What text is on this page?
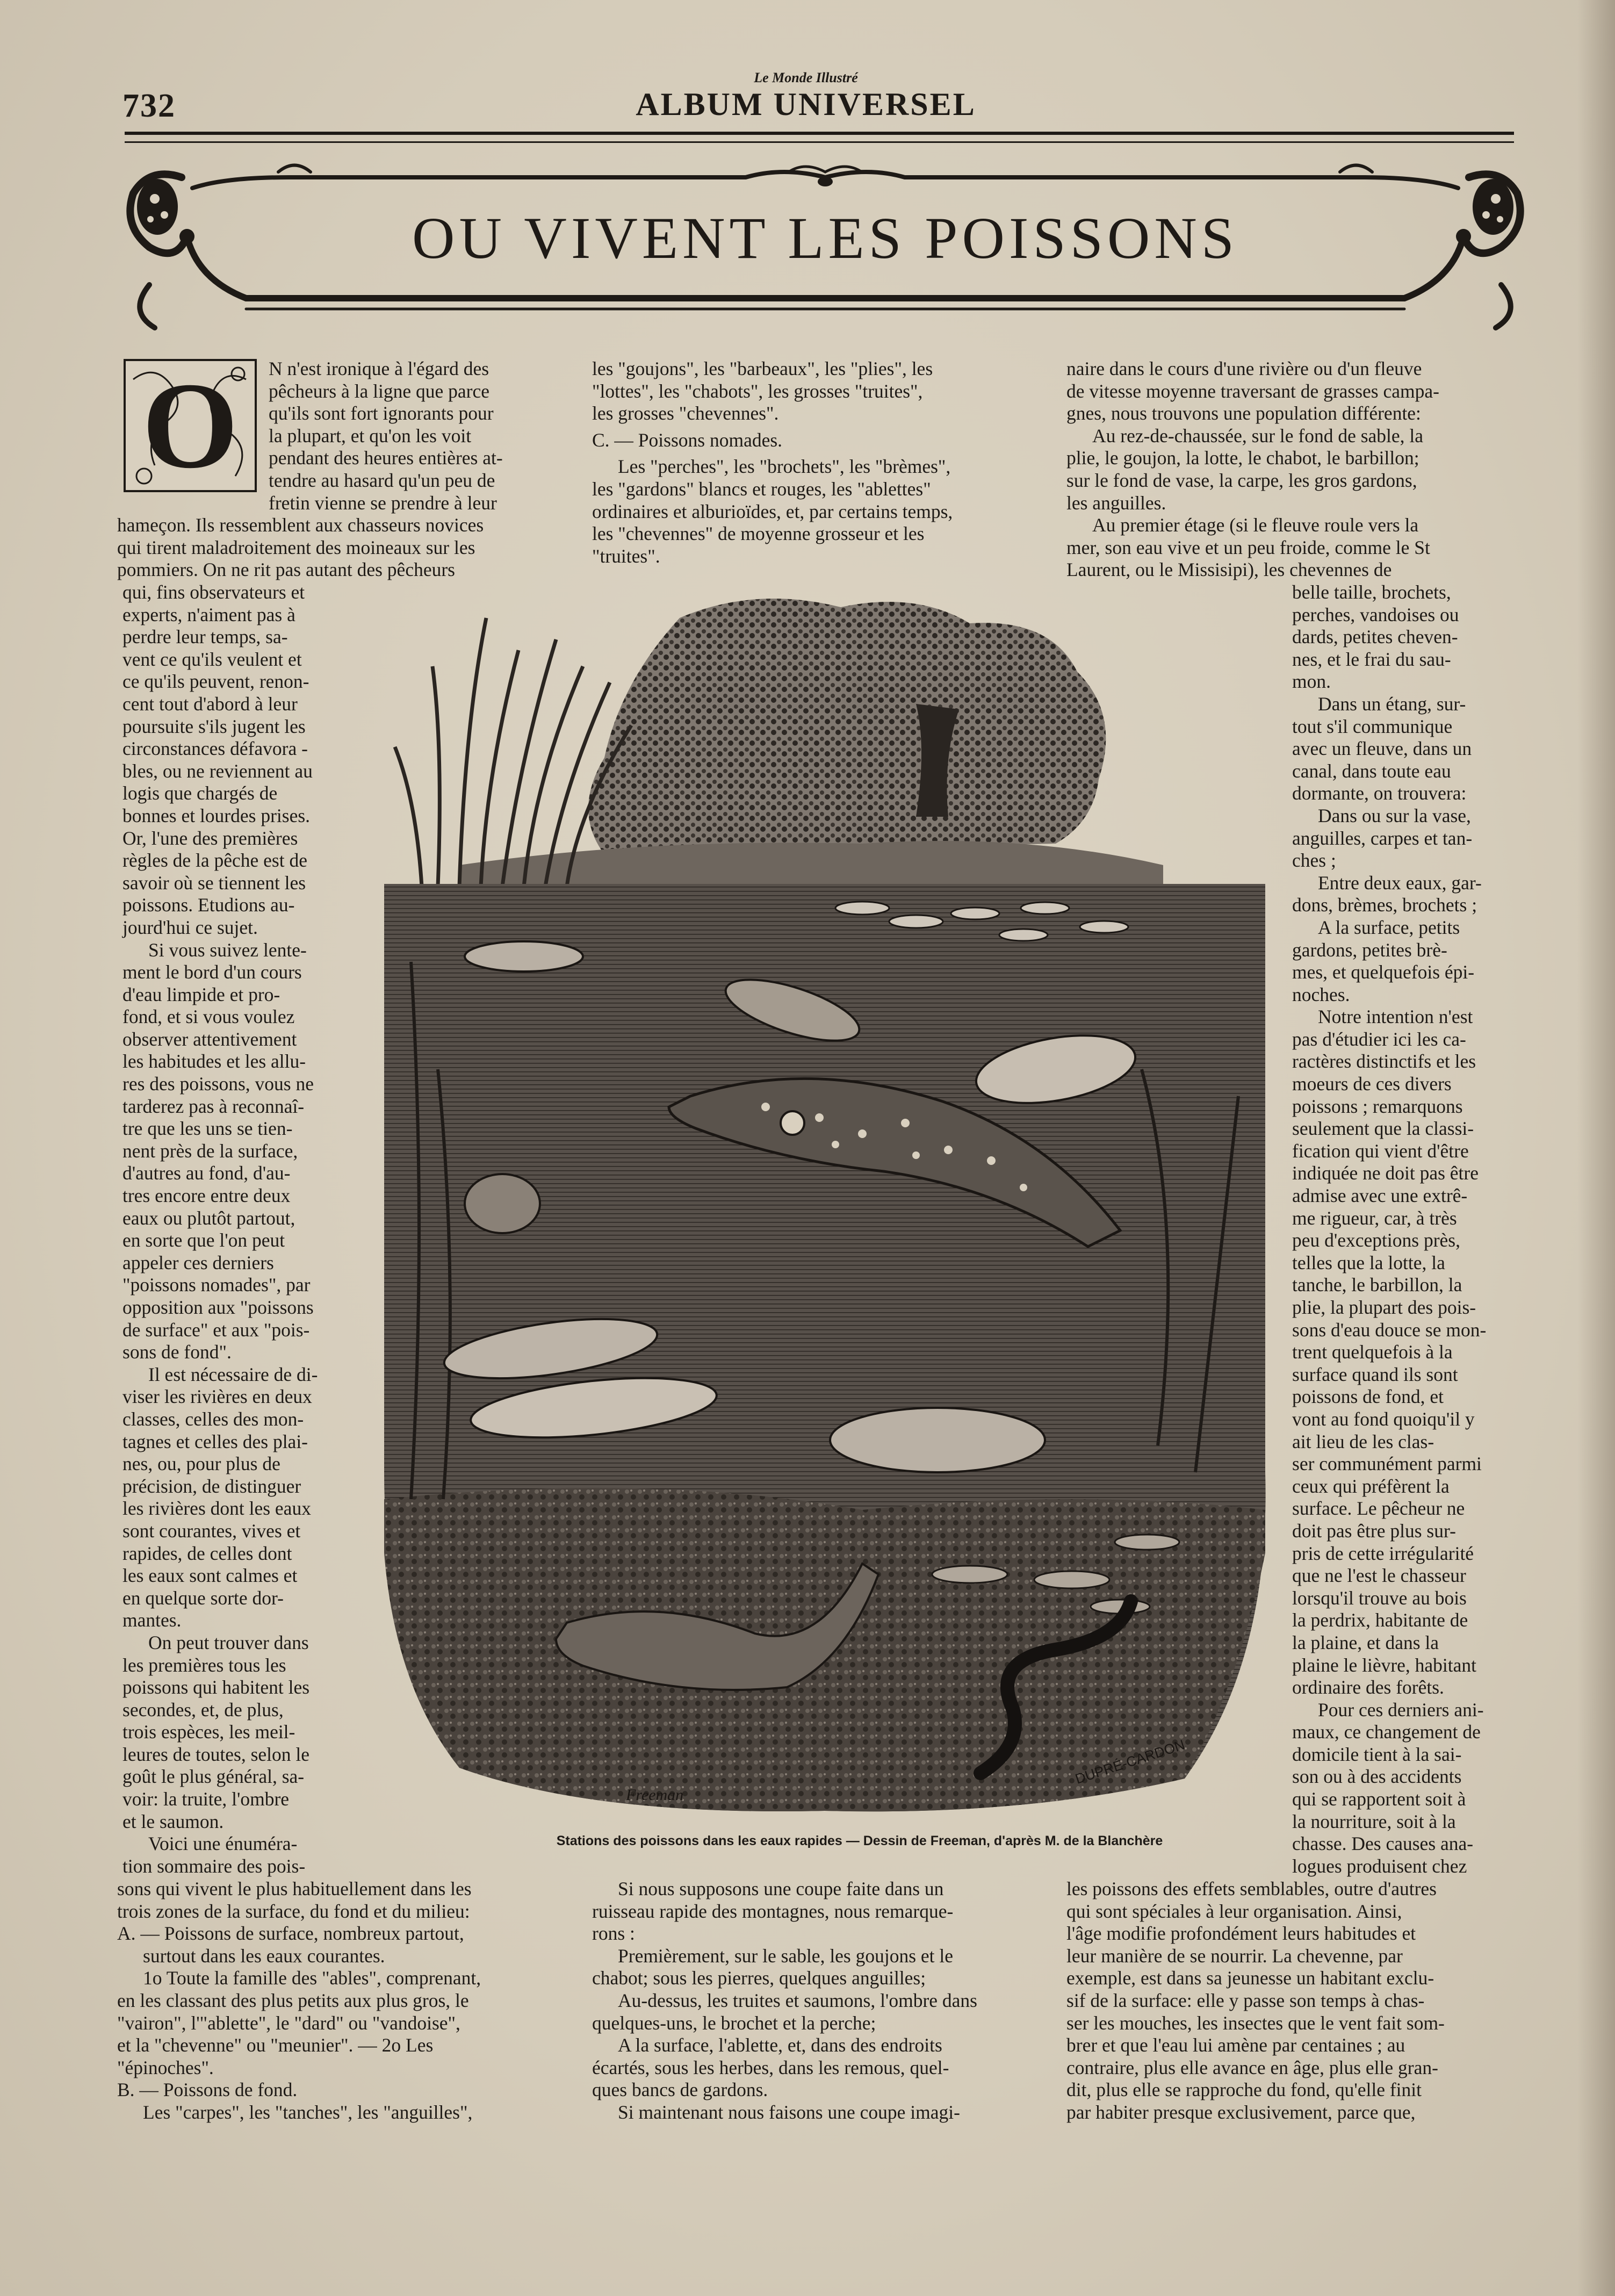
732
Le Monde Illustré
ALBUM UNIVERSEL
OU VIVENT LES POISSONS
O	N n'est ironique à l'égard des

pêcheurs à la ligne que parce

qu'ils sont fort ignorants pour

la plupart, et qu'on les voit

pendant des heures entières at-

tendre au hasard qu'un peu de

fretin vienne se prendre à leur

hameçon. Ils ressemblent aux chasseurs novices

qui tirent maladroitement des moineaux sur les

pommiers. On ne rit pas autant des pêcheurs

qui, fins observateurs et

experts, n'aiment pas à

perdre leur temps, sa-

vent ce qu'ils veulent et

ce qu'ils peuvent, renon-

cent tout d'abord à leur

poursuite s'ils jugent les

circonstances défavora -

bles, ou ne reviennent au

logis que chargés de

bonnes et lourdes prises.

Or, l'une des premières

règles de la pêche est de

savoir où se tiennent les

poissons. Etudions au-

jourd'hui ce sujet.

Si vous suivez lente-

ment le bord d'un cours

d'eau limpide et pro-

fond, et si vous voulez

observer attentivement

les habitudes et les allu-

res des poissons, vous ne

tarderez pas à reconnaî-

tre que les uns se tien-

nent près de la surface,

d'autres au fond, d'au-

tres encore entre deux

eaux ou plutôt partout,

en sorte que l'on peut

appeler ces derniers

"poissons nomades", par

opposition aux "poissons

de surface" et aux "pois-

sons de fond".

Il est nécessaire de di-

viser les rivières en deux

classes, celles des mon-

tagnes et celles des plai-

nes, ou, pour plus de

précision, de distinguer

les rivières dont les eaux

sont courantes, vives et

rapides, de celles dont

les eaux sont calmes et

en quelque sorte dor-

mantes.

On peut trouver dans

les premières tous les

poissons qui habitent les

secondes, et, de plus,

trois espèces, les meil-

leures de toutes, selon le

goût le plus général, sa-

voir: la truite, l'ombre

et le saumon.

Voici une énuméra-

tion sommaire des pois-

sons qui vivent le plus habituellement dans les

trois zones de la surface, du fond et du milieu:

A. — Poissons de surface, nombreux partout,

surtout dans les eaux courantes.

1o Toute la famille des "ables", comprenant,

en les classant des plus petits aux plus gros, le

"vairon", l'"ablette", le "dard" ou "vandoise",

et la "chevenne" ou "meunier". — 2o Les

"épinoches".

B. — Poissons de fond.

Les "carpes", les "tanches", les "anguilles",

les "goujons", les "barbeaux", les "plies", les

"lottes", les "chabots", les grosses "truites",

les grosses "chevennes".

C. — Poissons nomades.

Les "perches", les "brochets", les "brèmes",

les "gardons" blancs et rouges, les "ablettes"

ordinaires et alburioïdes, et, par certains temps,

les "chevennes" de moyenne grosseur et les

"truites".

naire dans le cours d'une rivière ou d'un fleuve

de vitesse moyenne traversant de grasses campa-

gnes, nous trouvons une population différente:

Au rez-de-chaussée, sur le fond de sable, la

plie, le goujon, la lotte, le chabot, le barbillon;

sur le fond de vase, la carpe, les gros gardons,

les anguilles.

Au premier étage (si le fleuve roule vers la

mer, son eau vive et un peu froide, comme le St

Laurent, ou le Missisipi), les chevennes de

belle taille, brochets,

perches, vandoises ou

dards, petites cheven-

nes, et le frai du sau-

mon.

Dans un étang, sur-

tout s'il communique

avec un fleuve, dans un

canal, dans toute eau

dormante, on trouvera:

Dans ou sur la vase,

anguilles, carpes et tan-

ches ;

Entre deux eaux, gar-

dons, brèmes, brochets ;

A la surface, petits

gardons, petites brè-

mes, et quelquefois épi-

noches.

Notre intention n'est

pas d'étudier ici les ca-

ractères distinctifs et les

moeurs de ces divers

poissons ; remarquons

seulement que la classi-

fication qui vient d'être

indiquée ne doit pas être

admise avec une extrê-

me rigueur, car, à très

peu d'exceptions près,

telles que la lotte, la

tanche, le barbillon, la

plie, la plupart des pois-

sons d'eau douce se mon-

trent quelquefois à la

surface quand ils sont

poissons de fond, et

vont au fond quoiqu'il y

ait lieu de les clas-

ser communément parmi

ceux qui préfèrent la

surface. Le pêcheur ne

doit pas être plus sur-

pris de cette irrégularité

que ne l'est le chasseur

lorsqu'il trouve au bois

la perdrix, habitante de

la plaine, et dans la

plaine le lièvre, habitant

ordinaire des forêts.

Pour ces derniers ani-

maux, ce changement de

domicile tient à la sai-

son ou à des accidents

qui se rapportent soit à

la nourriture, soit à la

chasse. Des causes ana-

logues produisent chez

Si nous supposons une coupe faite dans un

ruisseau rapide des montagnes, nous remarque-

rons :

Premièrement, sur le sable, les goujons et le

chabot; sous les pierres, quelques anguilles;

Au-dessus, les truites et saumons, l'ombre dans

quelques-uns, le brochet et la perche;

A la surface, l'ablette, et, dans des endroits

écartés, sous les herbes, dans les remous, quel-

ques bancs de gardons.

Si maintenant nous faisons une coupe imagi-

les poissons des effets semblables, outre d'autres

qui sont spéciales à leur organisation. Ainsi,

l'âge modifie profondément leurs habitudes et

leur manière de se nourrir. La chevenne, par

exemple, est dans sa jeunesse un habitant exclu-

sif de la surface: elle y passe son temps à chas-

ser les mouches, les insectes que le vent fait som-

brer et que l'eau lui amène par centaines ; au

contraire, plus elle avance en âge, plus elle gran-

dit, plus elle se rapproche du fond, qu'elle finit

par habiter presque exclusivement, parce que,

Freeman
DUPRÉ-CARDON
Stations des poissons dans les eaux rapides — Dessin de Freeman, d'après M. de la Blanchère
